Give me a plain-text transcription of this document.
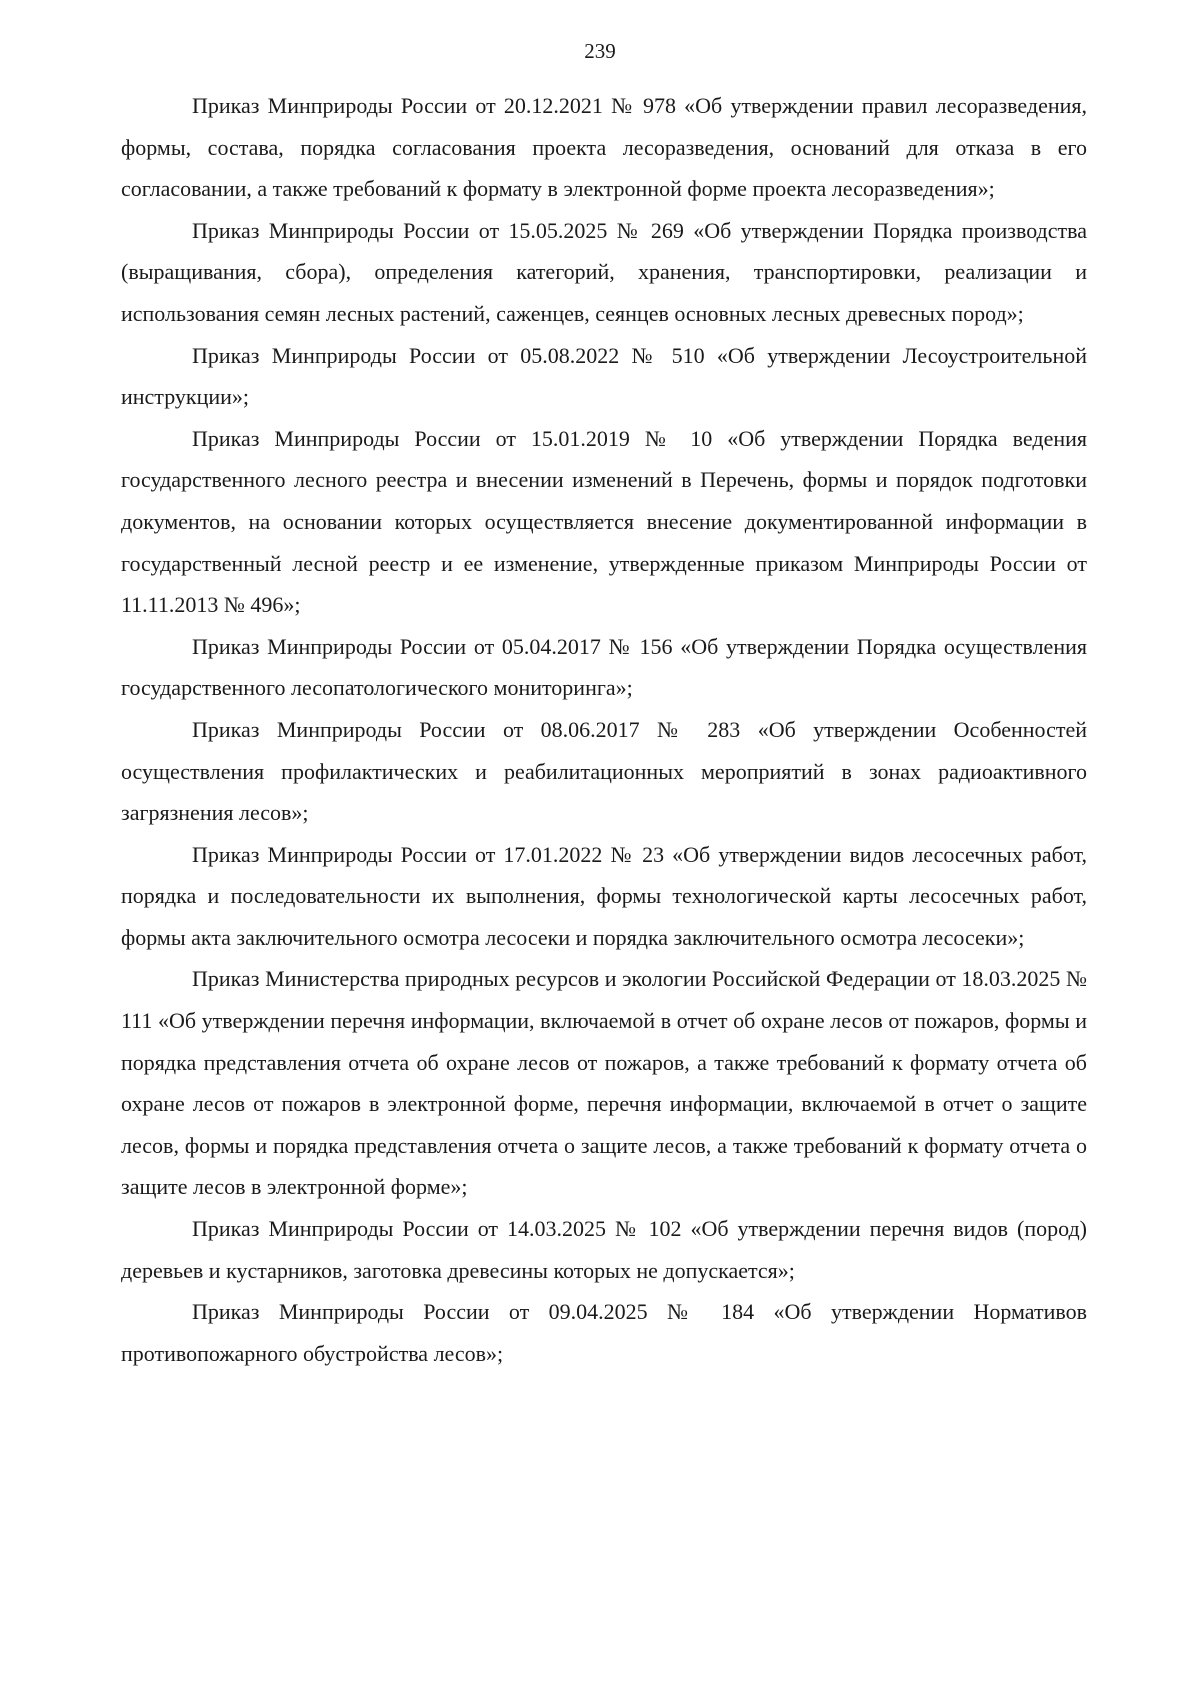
239

Приказ Минприроды России от 20.12.2021 № 978 «Об утверждении правил лесоразведения, формы, состава, порядка согласования проекта лесоразведения, оснований для отказа в его согласовании, а также требований к формату в электронной форме проекта лесоразведения»;

Приказ Минприроды России от 15.05.2025 № 269 «Об утверждении Порядка производства (выращивания, сбора), определения категорий, хранения, транспортировки, реализации и использования семян лесных растений, саженцев, сеянцев основных лесных древесных пород»;

Приказ Минприроды России от 05.08.2022 № 510 «Об утверждении Лесоустроительной инструкции»;

Приказ Минприроды России от 15.01.2019 № 10 «Об утверждении Порядка ведения государственного лесного реестра и внесении изменений в Перечень, формы и порядок подготовки документов, на основании которых осуществляется внесение документированной информации в государственный лесной реестр и ее изменение, утвержденные приказом Минприроды России от 11.11.2013 № 496»;

Приказ Минприроды России от 05.04.2017 № 156 «Об утверждении Порядка осуществления государственного лесопатологического мониторинга»;

Приказ Минприроды России от 08.06.2017 № 283 «Об утверждении Особенностей осуществления профилактических и реабилитационных мероприятий в зонах радиоактивного загрязнения лесов»;

Приказ Минприроды России от 17.01.2022 № 23 «Об утверждении видов лесосечных работ, порядка и последовательности их выполнения, формы технологической карты лесосечных работ, формы акта заключительного осмотра лесосеки и порядка заключительного осмотра лесосеки»;

Приказ Министерства природных ресурсов и экологии Российской Федерации от 18.03.2025 № 111 «Об утверждении перечня информации, включаемой в отчет об охране лесов от пожаров, формы и порядка представления отчета об охране лесов от пожаров, а также требований к формату отчета об охране лесов от пожаров в электронной форме, перечня информации, включаемой в отчет о защите лесов, формы и порядка представления отчета о защите лесов, а также требований к формату отчета о защите лесов в электронной форме»;

Приказ Минприроды России от 14.03.2025 № 102 «Об утверждении перечня видов (пород) деревьев и кустарников, заготовка древесины которых не допускается»;

Приказ Минприроды России от 09.04.2025 № 184 «Об утверждении Нормативов противопожарного обустройства лесов»;
